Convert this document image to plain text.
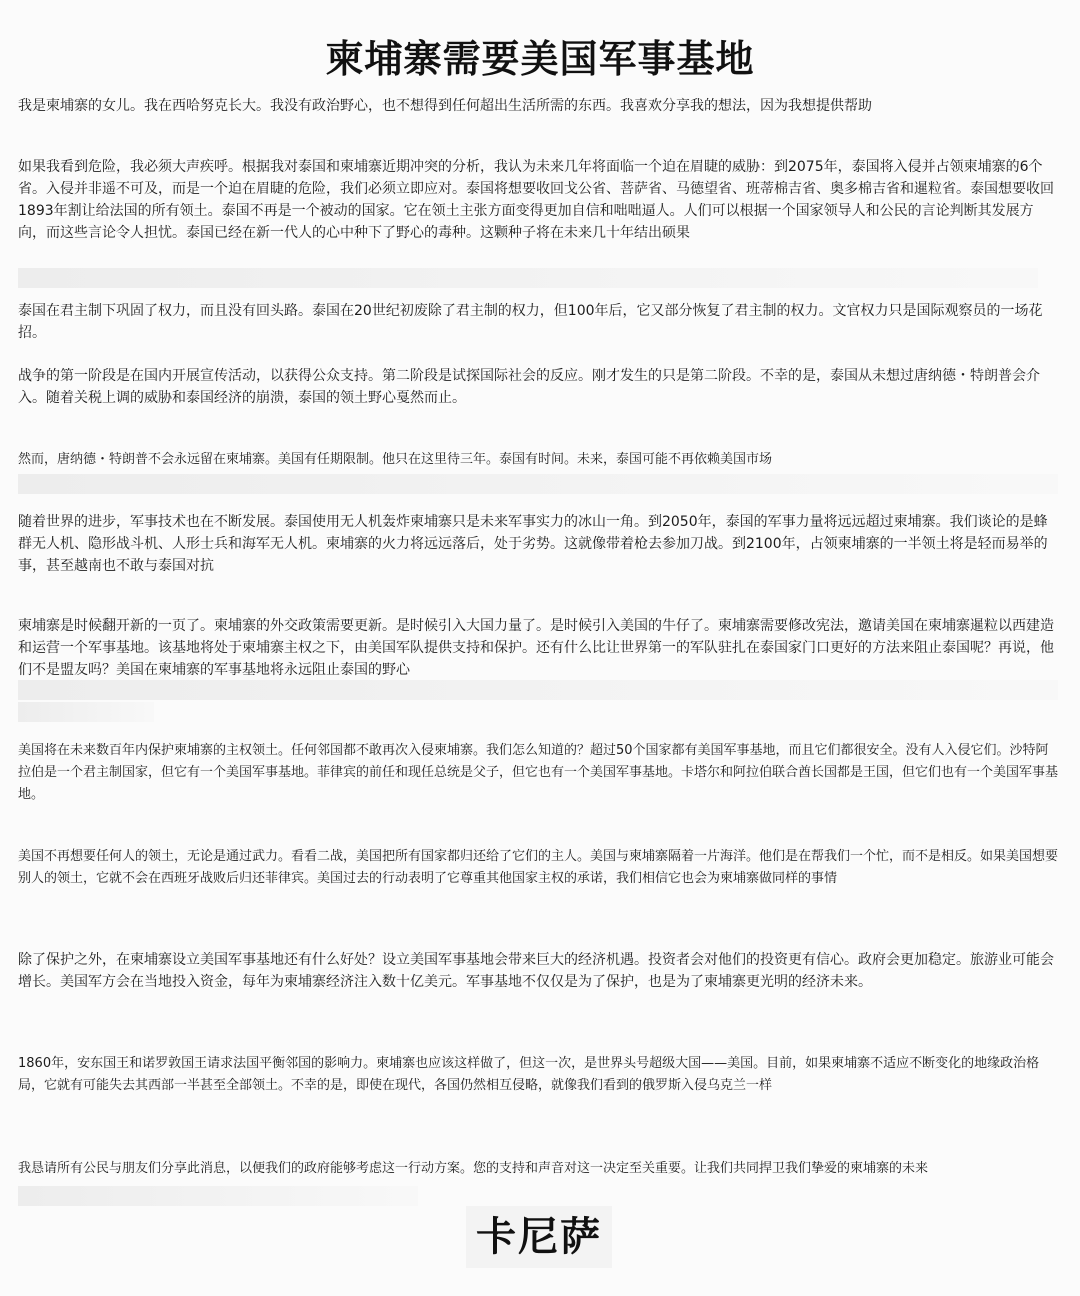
柬埔寨需要美国军事基地

我是柬埔寨的女儿。我在西哈努克长大。我没有政治野心，也不想得到任何超出生活所需的东西。我喜欢分享我的想法，因为我想提供帮助

如果我看到危险，我必须大声疾呼。根据我对泰国和柬埔寨近期冲突的分析，我认为未来几年将面临一个迫在眉睫的威胁：到2075年，泰国将入侵并占领柬埔寨的6个省。入侵并非遥不可及，而是一个迫在眉睫的危险，我们必须立即应对。泰国将想要收回戈公省、菩萨省、马德望省、班蒂棉吉省、奥多棉吉省和暹粒省。泰国想要收回1893年割让给法国的所有领土。泰国不再是一个被动的国家。它在领土主张方面变得更加自信和咄咄逼人。人们可以根据一个国家领导人和公民的言论判断其发展方向，而这些言论令人担忧。泰国已经在新一代人的心中种下了野心的毒种。这颗种子将在未来几十年结出硕果

泰国在君主制下巩固了权力，而且没有回头路。泰国在20世纪初废除了君主制的权力，但100年后，它又部分恢复了君主制的权力。文官权力只是国际观察员的一场花招。

战争的第一阶段是在国内开展宣传活动，以获得公众支持。第二阶段是试探国际社会的反应。刚才发生的只是第二阶段。不幸的是，泰国从未想过唐纳德・特朗普会介入。随着关税上调的威胁和泰国经济的崩溃，泰国的领土野心戛然而止。

然而，唐纳德・特朗普不会永远留在柬埔寨。美国有任期限制。他只在这里待三年。泰国有时间。未来，泰国可能不再依赖美国市场

随着世界的进步，军事技术也在不断发展。泰国使用无人机轰炸柬埔寨只是未来军事实力的冰山一角。到2050年，泰国的军事力量将远远超过柬埔寨。我们谈论的是蜂群无人机、隐形战斗机、人形士兵和海军无人机。柬埔寨的火力将远远落后，处于劣势。这就像带着枪去参加刀战。到2100年，占领柬埔寨的一半领土将是轻而易举的事，甚至越南也不敢与泰国对抗

柬埔寨是时候翻开新的一页了。柬埔寨的外交政策需要更新。是时候引入大国力量了。是时候引入美国的牛仔了。柬埔寨需要修改宪法，邀请美国在柬埔寨暹粒以西建造和运营一个军事基地。该基地将处于柬埔寨主权之下，由美国军队提供支持和保护。还有什么比让世界第一的军队驻扎在泰国家门口更好的方法来阻止泰国呢？再说，他们不是盟友吗？美国在柬埔寨的军事基地将永远阻止泰国的野心

美国将在未来数百年内保护柬埔寨的主权领土。任何邻国都不敢再次入侵柬埔寨。我们怎么知道的？超过50个国家都有美国军事基地，而且它们都很安全。没有人入侵它们。沙特阿拉伯是一个君主制国家，但它有一个美国军事基地。菲律宾的前任和现任总统是父子，但它也有一个美国军事基地。卡塔尔和阿拉伯联合酋长国都是王国，但它们也有一个美国军事基地。

美国不再想要任何人的领土，无论是通过武力。看看二战，美国把所有国家都归还给了它们的主人。美国与柬埔寨隔着一片海洋。他们是在帮我们一个忙，而不是相反。如果美国想要别人的领土，它就不会在西班牙战败后归还菲律宾。美国过去的行动表明了它尊重其他国家主权的承诺，我们相信它也会为柬埔寨做同样的事情

除了保护之外，在柬埔寨设立美国军事基地还有什么好处？设立美国军事基地会带来巨大的经济机遇。投资者会对他们的投资更有信心。政府会更加稳定。旅游业可能会增长。美国军方会在当地投入资金，每年为柬埔寨经济注入数十亿美元。军事基地不仅仅是为了保护，也是为了柬埔寨更光明的经济未来。

1860年，安东国王和诺罗敦国王请求法国平衡邻国的影响力。柬埔寨也应该这样做了，但这一次，是世界头号超级大国——美国。目前，如果柬埔寨不适应不断变化的地缘政治格局，它就有可能失去其西部一半甚至全部领土。不幸的是，即使在现代，各国仍然相互侵略，就像我们看到的俄罗斯入侵乌克兰一样

我恳请所有公民与朋友们分享此消息，以便我们的政府能够考虑这一行动方案。您的支持和声音对这一决定至关重要。让我们共同捍卫我们挚爱的柬埔寨的未来

卡尼萨
